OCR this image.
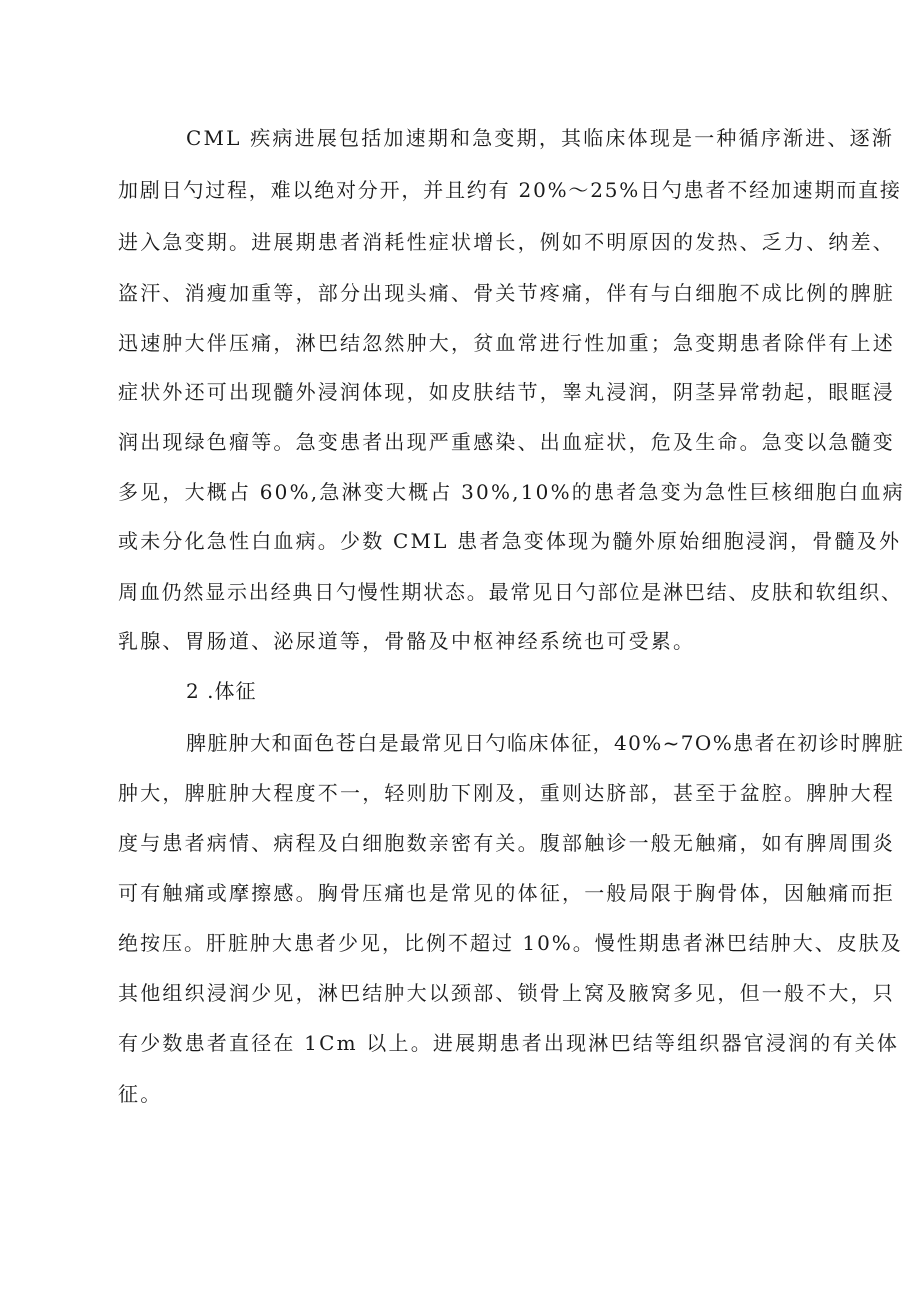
CML 疾病进展包括加速期和急变期，其临床体现是一种循序渐进、逐渐
加剧日勺过程，难以绝对分开，并且约有 20%～25%日勺患者不经加速期而直接
进入急变期。进展期患者消耗性症状增长，例如不明原因的发热、乏力、纳差、
盗汗、消瘦加重等，部分出现头痛、骨关节疼痛，伴有与白细胞不成比例的脾脏
迅速肿大伴压痛，淋巴结忽然肿大，贫血常进行性加重；急变期患者除伴有上述
症状外还可出现髓外浸润体现，如皮肤结节，睾丸浸润，阴茎异常勃起，眼眶浸
润出现绿色瘤等。急变患者出现严重感染、出血症状，危及生命。急变以急髓变
多见，大概占 60%,急淋变大概占 30%,10%的患者急变为急性巨核细胞白血病
或未分化急性白血病。少数 CML 患者急变体现为髓外原始细胞浸润，骨髓及外
周血仍然显示出经典日勺慢性期状态。最常见日勺部位是淋巴结、皮肤和软组织、
乳腺、胃肠道、泌尿道等，骨骼及中枢神经系统也可受累。
2 .体征
脾脏肿大和面色苍白是最常见日勺临床体征，40%~7O%患者在初诊时脾脏
肿大，脾脏肿大程度不一，轻则肋下刚及，重则达脐部，甚至于盆腔。脾肿大程
度与患者病情、病程及白细胞数亲密有关。腹部触诊一般无触痛，如有脾周围炎
可有触痛或摩擦感。胸骨压痛也是常见的体征，一般局限于胸骨体，因触痛而拒
绝按压。肝脏肿大患者少见，比例不超过 10%。慢性期患者淋巴结肿大、皮肤及
其他组织浸润少见，淋巴结肿大以颈部、锁骨上窝及腋窝多见，但一般不大，只
有少数患者直径在 1Cm 以上。进展期患者出现淋巴结等组织器官浸润的有关体
征。
